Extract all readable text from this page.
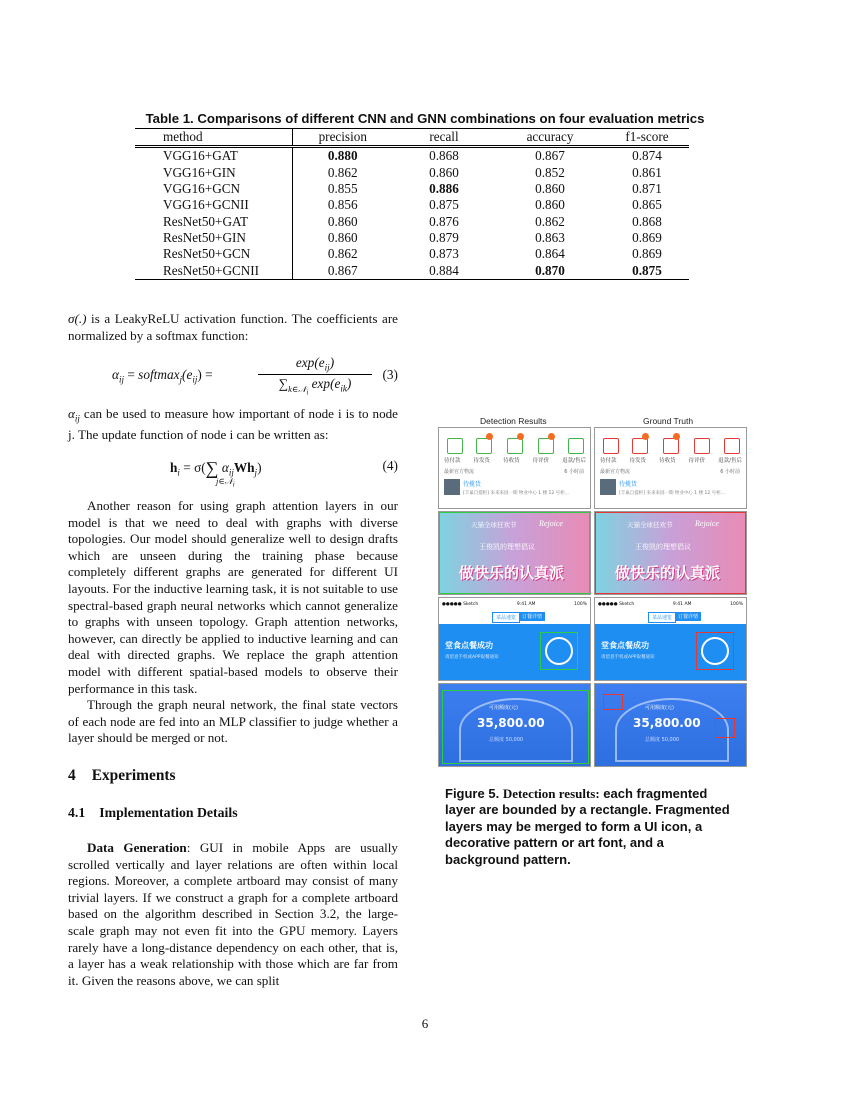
Table 1. Comparisons of different CNN and GNN combinations on four evaluation metrics
method	precision	recall	accuracy	f1-score
VGG16+GAT	0.880	0.868	0.867	0.874
VGG16+GIN	0.862	0.860	0.852	0.861
VGG16+GCN	0.855	0.886	0.860	0.871
VGG16+GCNII	0.856	0.875	0.860	0.865
ResNet50+GAT	0.860	0.876	0.862	0.868
ResNet50+GIN	0.860	0.879	0.863	0.869
ResNet50+GCN	0.862	0.873	0.864	0.869
ResNet50+GCNII	0.867	0.884	0.870	0.875
σ(.) is a LeakyReLU activation function. The coefficients are normalized by a softmax function:
$\alpha_{ij}$ = $softmax_j(e_{ij})$ =
$\exp(e_{ij})$
$\sum_{k\in 𝒩_i}$ $\exp(e_{ik})$
(3)
$\alpha_{ij}$ can be used to measure how important of node i is to node j. The update function of node i can be written as:
$h_i = \sigma(\sum$ $\alpha_{ij}Wh_j$)
j∈𝒩$_i$
(4)
Another reason for using graph attention layers in our model is that we need to deal with graphs with diverse topologies. Our model should generalize well to design drafts which are unseen during the training phase because completely different graphs are generated for different UI layouts. For the inductive learning task, it is not suitable to use spectral-based graph neural networks which cannot generalize to graphs with unseen topology. Graph attention networks, however, can directly be applied to inductive learning and can deal with directed graphs. We replace the graph attention model with different spatial-based models to observe their performance in this task.
Through the graph neural network, the final state vectors of each node are fed into an MLP classifier to judge whether a layer should be merged or not.
4 Experiments
4.1 Implementation Details
Data Generation: GUI in mobile Apps are usually scrolled vertically and layer relations are often within local regions. Moreover, a complete artboard may consist of many trivial layers. If we construct a graph for a complete artboard based on the algorithm described in Section 3.2, the large-scale graph may not even fit into the GPU memory. Layers rarely have a long-distance dependency on each other, that is, a layer has a weak relationship with those which are far from it. Given the reasons above, we can split
Detection Results	Ground Truth
待付款 待发货 待收货 待评价 退款/售后
最新官方物流	6 小时前
待揽货
[丰巢自提柜] 来来来园一期 物业中心 1 楼 12 号柜...
天猫全球狂欢节	Rejoice
王俊凯的理想倡议
做快乐的认真派
●●●●● Sketch	9:41 AM	100%
菜品速览	订餐详情
堂食点餐成功
请留意手机或APP取餐通知
可用额度(元)
35,800.00
总额度 50,000
待付款 待发货 待收货 待评价 退款/售后
最新官方物流	6 小时前
待揽货
[丰巢自提柜] 来来来园一期 物业中心 1 楼 12 号柜...
天猫全球狂欢节	Rejoice
王俊凯的理想倡议
做快乐的认真派
●●●●● Sketch	9:41 AM	100%
菜品速览	订餐详情
堂食点餐成功
请留意手机或APP取餐通知
可用额度(元)
35,800.00
总额度 50,000
Figure 5. Detection results: each fragmented layer are bounded by a rectangle. Fragmented layers may be merged to form a UI icon, a decorative pattern or art font, and a background pattern.
6
